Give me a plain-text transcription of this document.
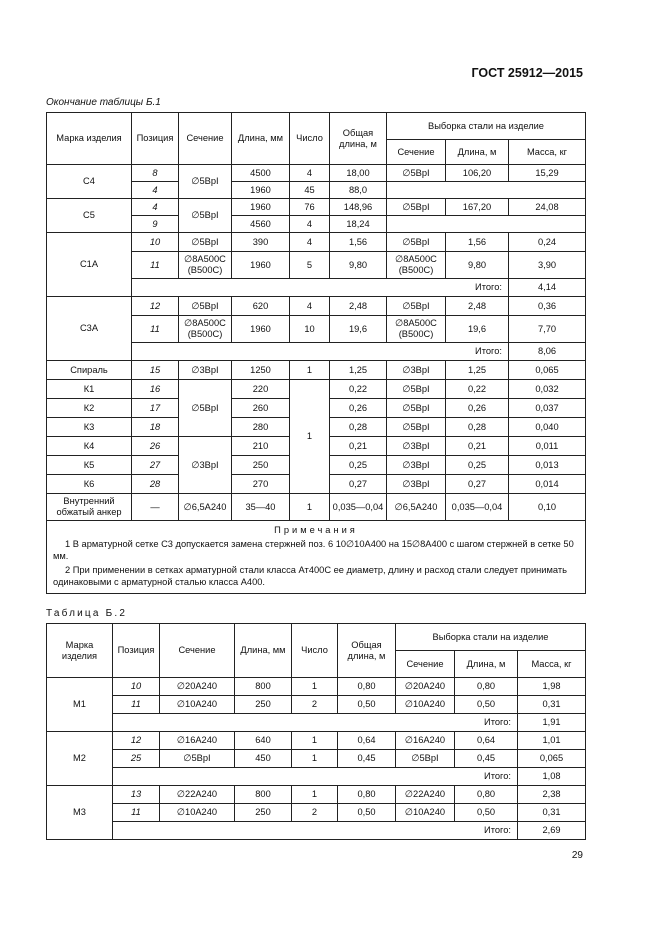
ГОСТ 25912—2015
Окончание таблицы Б.1
Марка изделия	Позиция	Сечение	Длина, мм	Число	Общая длина, м	Выборка стали на изделие		
						Сечение	Длина, м	Масса, кг
С4	8	∅5BpI	4500	4	18,00	∅5BpI	106,20	15,29
	4		1960	45	88,0			
С5	4	∅5BpI	1960	76	148,96	∅5BpI	167,20	24,08
	9		4560	4	18,24			
С1А	10	∅5BpI	390	4	1,56	∅5BpI	1,56	0,24
	11	∅8А500С (В500С)	1960	5	9,80	∅8А500С (В500С)	9,80	3,90
	Итого:							4,14
С3А	12	∅5BpI	620	4	2,48	∅5BpI	2,48	0,36
	11	∅8А500С (В500С)	1960	10	19,6	∅8А500С (В500С)	19,6	7,70
	Итого:							8,06
Спираль	15	∅3BpI	1250	1	1,25	∅3BpI	1,25	0,065
К1	16	∅5BpI	220	1	0,22	∅5BpI	0,22	0,032
К2	17		260		0,26	∅5BpI	0,26	0,037
К3	18		280		0,28	∅5BpI	0,28	0,040
К4	26	∅3BpI	210		0,21	∅3BpI	0,21	0,011
К5	27		250		0,25	∅3BpI	0,25	0,013
К6	28		270		0,27	∅3BpI	0,27	0,014
Внутренний обжатый анкер	—	∅6,5А240	35—40	1	0,035—0,04	∅6,5А240	0,035—0,04	0,10

Примечания
1 В арматурной сетке С3 допускается замена стержней поз. 6 10∅10А400 на 15∅8А400 с шагом стержней в сетке 50 мм.
2 При применении в сетках арматурной стали класса Ат400С ее диаметр, длину и расход стали следует принимать одинаковыми с арматурной сталью класса А400.								
Таблица Б.2
Марка изделия	Позиция	Сечение	Длина, мм	Число	Общая длина, м	Выборка стали на изделие		
						Сечение	Длина, м	Масса, кг
М1	10	∅20А240	800	1	0,80	∅20А240	0,80	1,98
	11	∅10А240	250	2	0,50	∅10А240	0,50	0,31
	Итого:							1,91
М2	12	∅16А240	640	1	0,64	∅16А240	0,64	1,01
	25	∅5BpI	450	1	0,45	∅5BpI	0,45	0,065
	Итого:							1,08
М3	13	∅22А240	800	1	0,80	∅22А240	0,80	2,38
	11	∅10А240	250	2	0,50	∅10А240	0,50	0,31
	Итого:							2,69
29
